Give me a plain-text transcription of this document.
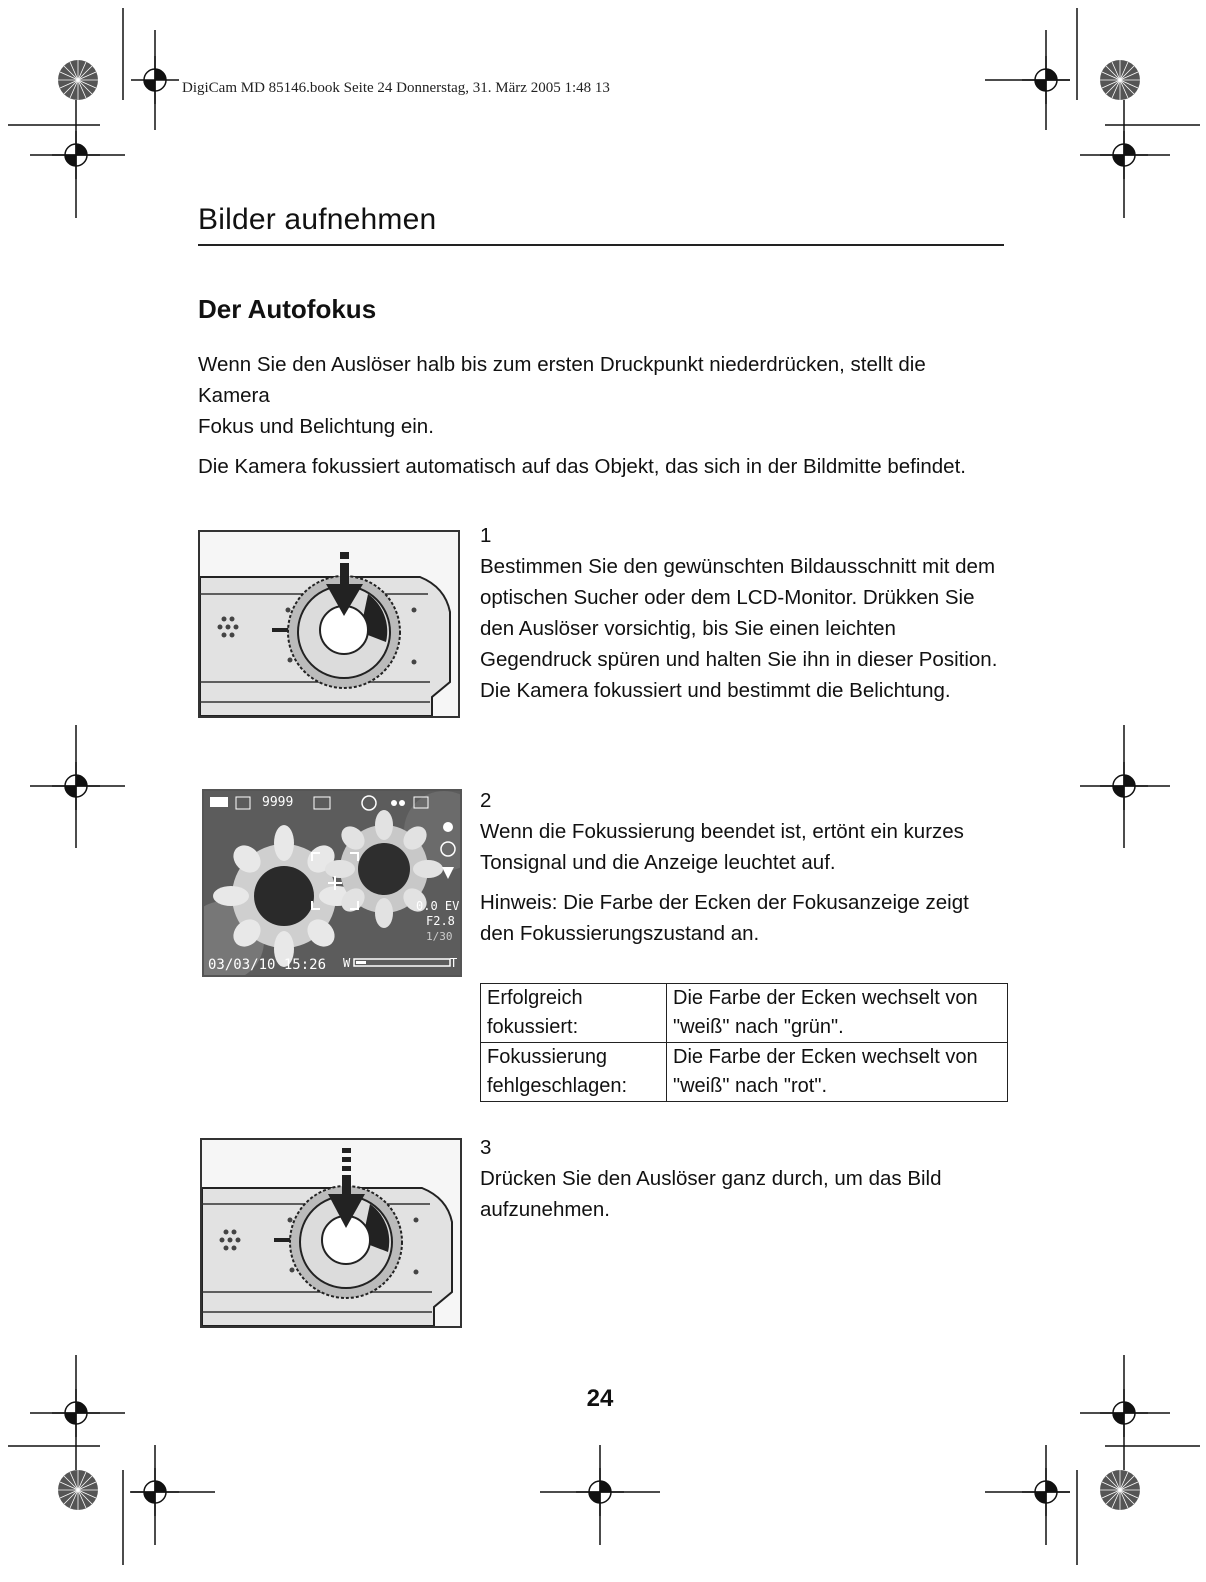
DigiCam MD 85146.book Seite 24 Donnerstag, 31. März 2005 1:48 13
Bilder aufnehmen
Der Autofokus
Wenn Sie den Auslöser halb bis zum ersten Druckpunkt niederdrücken, stellt die
Kamera
Fokus und Belichtung ein.
Die Kamera fokussiert automatisch auf das Objekt, das sich in der Bildmitte befindet.
1
Bestimmen Sie den gewünschten Bildausschnitt mit dem optischen Sucher oder dem LCD-Monitor. Drükken Sie den Auslöser vorsichtig, bis Sie einen leichten Gegendruck spüren und halten Sie ihn in dieser Position. Die Kamera fokussiert und bestimmt die Belichtung.
9999
0.0 EV
F2.8
1/30
03/03/10 15:26 W	T
2
Wenn die Fokussierung beendet ist, ertönt ein kurzes Tonsignal und die Anzeige leuchtet auf.
Hinweis: Die Farbe der Ecken der Fokusanzeige zeigt den Fokussierungszustand an.
Erfolgreich fokussiert:	Die Farbe der Ecken wechselt von "weiß" nach "grün".
Fokussierung fehlgeschlagen:	Die Farbe der Ecken wechselt von "weiß" nach "rot".
3
Drücken Sie den Auslöser ganz durch, um das Bild aufzunehmen.
24
